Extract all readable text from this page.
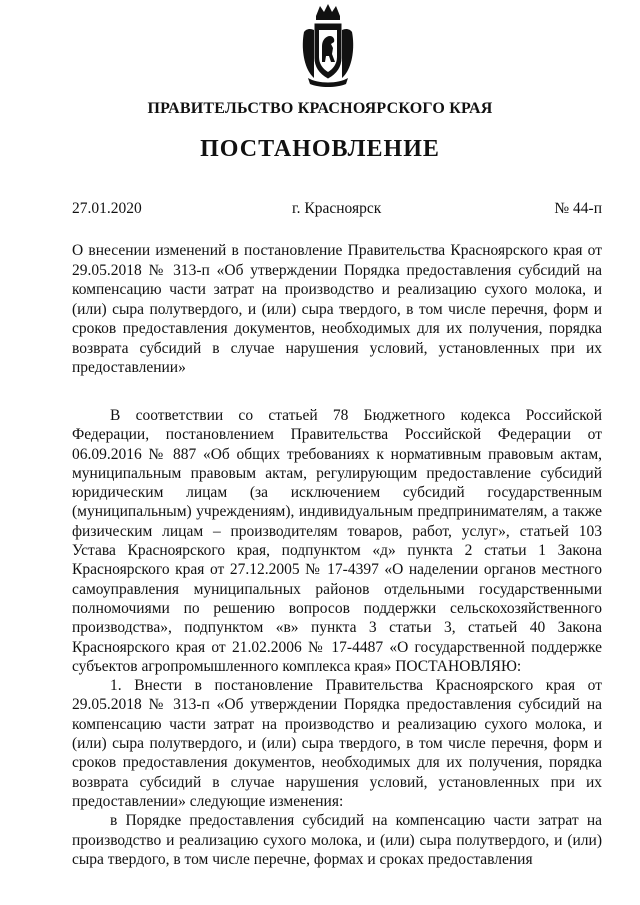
ПРАВИТЕЛЬСТВО КРАСНОЯРСКОГО КРАЯ
ПОСТАНОВЛЕНИЕ
27.01.2020	г. Красноярск	№ 44-п
О внесении изменений в постановление Правительства Красноярского края от 29.05.2018 № 313-п «Об утверждении Порядка предоставления субсидий на компенсацию части затрат на производство и реализацию сухого молока, и (или) сыра полутвердого, и (или) сыра твердого, в том числе перечня, форм и сроков предоставления документов, необходимых для их получения, порядка возврата субсидий в случае нарушения условий, установленных при их предоставлении»

В соответствии со статьей 78 Бюджетного кодекса Российской Федерации, постановлением Правительства Российской Федерации от 06.09.2016 № 887 «Об общих требованиях к нормативным правовым актам, муниципальным правовым актам, регулирующим предоставление субсидий юридическим лицам (за исключением субсидий государственным (муниципальным) учреждениям), индивидуальным предпринимателям, а также физическим лицам – производителям товаров, работ, услуг», статьей 103 Устава Красноярского края, подпунктом «д» пункта 2 статьи 1 Закона Красноярского края от 27.12.2005 № 17-4397 «О наделении органов местного самоуправления муниципальных районов отдельными государственными полномочиями по решению вопросов поддержки сельскохозяйственного производства», подпунктом «в» пункта 3 статьи 3, статьей 40 Закона Красноярского края от 21.02.2006 № 17-4487 «О государственной поддержке субъектов агропромышленного комплекса края» ПОСТАНОВЛЯЮ:

1. Внести в постановление Правительства Красноярского края от 29.05.2018 № 313-п «Об утверждении Порядка предоставления субсидий на компенсацию части затрат на производство и реализацию сухого молока, и (или) сыра полутвердого, и (или) сыра твердого, в том числе перечня, форм и сроков предоставления документов, необходимых для их получения, порядка возврата субсидий в случае нарушения условий, установленных при их предоставлении» следующие изменения:

в Порядке предоставления субсидий на компенсацию части затрат на производство и реализацию сухого молока, и (или) сыра полутвердого, и (или) сыра твердого, в том числе перечне, формах и сроках предоставления
